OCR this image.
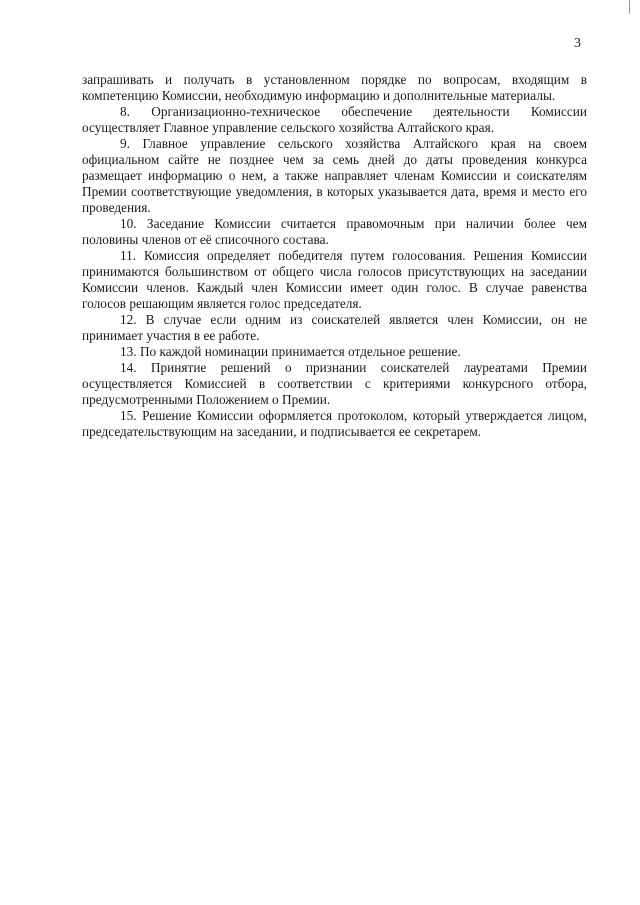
3

запрашивать и получать в установленном порядке по вопросам, входящим в компетенцию Комиссии, необходимую информацию и дополнительные материалы.

8. Организационно-техническое обеспечение деятельности Комиссии осуществляет Главное управление сельского хозяйства Алтайского края.

9. Главное управление сельского хозяйства Алтайского края на своем официальном сайте не позднее чем за семь дней до даты проведения конкурса размещает информацию о нем, а также направляет членам Комиссии и соискателям Премии соответствующие уведомления, в которых указывается дата, время и место его проведения.

10. Заседание Комиссии считается правомочным при наличии более чем половины членов от её списочного состава.

11. Комиссия определяет победителя путем голосования. Решения Комиссии принимаются большинством от общего числа голосов присутствующих на заседании Комиссии членов. Каждый член Комиссии имеет один голос. В случае равенства голосов решающим является голос председателя.

12. В случае если одним из соискателей является член Комиссии, он не принимает участия в ее работе.

13. По каждой номинации принимается отдельное решение.

14. Принятие решений о признании соискателей лауреатами Премии осуществляется Комиссией в соответствии с критериями конкурсного отбора, предусмотренными Положением о Премии.

15. Решение Комиссии оформляется протоколом, который утверждается лицом, председательствующим на заседании, и подписывается ее секретарем.
